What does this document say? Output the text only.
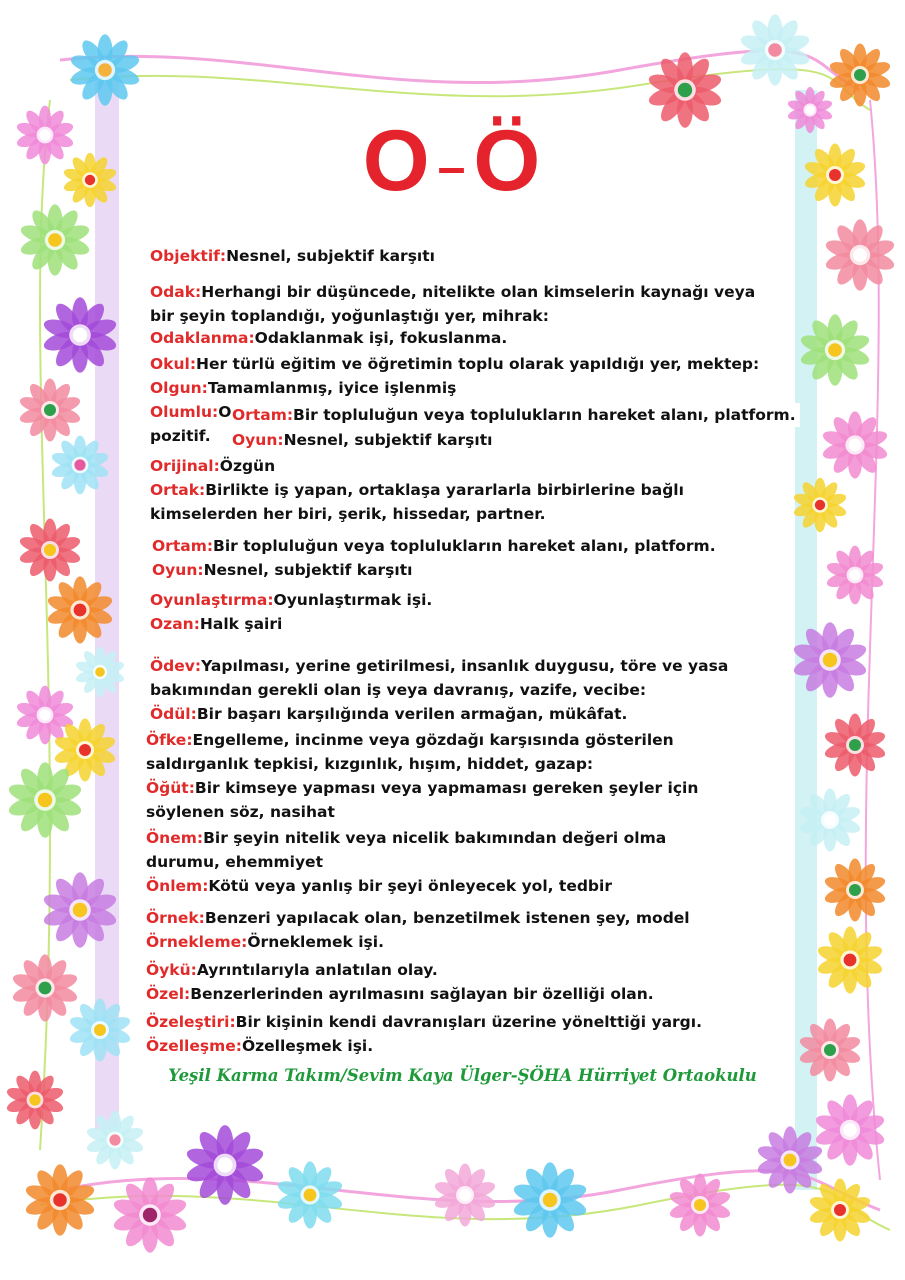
O –Ö
Objektif:Nesnel, subjektif karşıtı
Odak:Herhangi bir düşüncede, nitelikte olan kimselerin kaynağı veya
bir şeyin toplandığı, yoğunlaştığı yer, mihrak:
Odaklanma:Odaklanmak işi, fokuslanma.
Okul:Her türlü eğitim ve öğretimin toplu olarak yapıldığı yer, mektep:
Olgun:Tamamlanmış, iyice işlenmiş
Olumlu:O
pozitif.
Ortam:Bir topluluğun veya toplulukların hareket alanı, platform.
Oyun:Nesnel, subjektif karşıtı
Orijinal:Özgün
Ortak:Birlikte iş yapan, ortaklaşa yararlarla birbirlerine bağlı
kimselerden her biri, şerik, hissedar, partner.
Ortam:Bir topluluğun veya toplulukların hareket alanı, platform.
Oyun:Nesnel, subjektif karşıtı
Oyunlaştırma:Oyunlaştırmak işi.
Ozan:Halk şairi
Ödev:Yapılması, yerine getirilmesi, insanlık duygusu, töre ve yasa
bakımından gerekli olan iş veya davranış, vazife, vecibe:
Ödül:Bir başarı karşılığında verilen armağan, mükâfat.
Öfke:Engelleme, incinme veya gözdağı karşısında gösterilen
saldırganlık tepkisi, kızgınlık, hışım, hiddet, gazap:
Öğüt:Bir kimseye yapması veya yapmaması gereken şeyler için
söylenen söz, nasihat
Önem:Bir şeyin nitelik veya nicelik bakımından değeri olma
durumu, ehemmiyet
Önlem:Kötü veya yanlış bir şeyi önleyecek yol, tedbir
Örnek:Benzeri yapılacak olan, benzetilmek istenen şey, model
Örnekleme:Örneklemek işi.
Öykü:Ayrıntılarıyla anlatılan olay.
Özel:Benzerlerinden ayrılmasını sağlayan bir özelliği olan.
Özeleştiri:Bir kişinin kendi davranışları üzerine yönelttiği yargı.
Özelleşme:Özelleşmek işi.
Yeşil Karma Takım/Sevim Kaya Ülger-ŞÖHA Hürriyet Ortaokulu
